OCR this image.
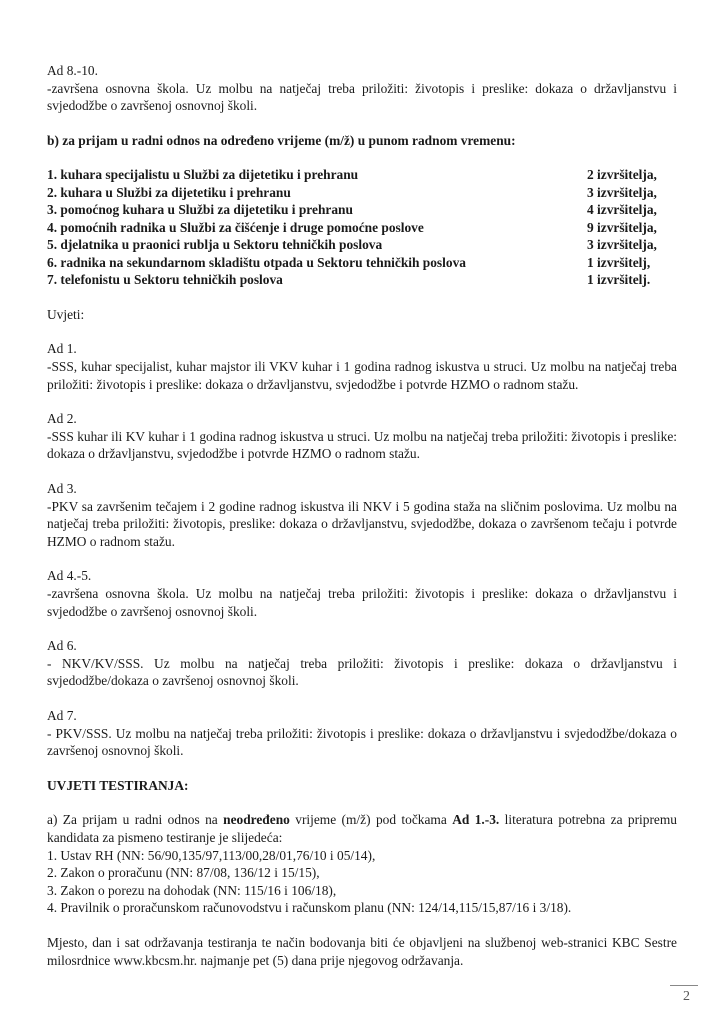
Ad 8.-10.

-završena osnovna škola. Uz molbu na natječaj treba priložiti: životopis i preslike: dokaza o državljanstvu i svjedodžbe o završenoj osnovnoj školi.

b) za prijam u radni odnos na određeno vrijeme (m/ž) u punom radnom vremenu:
1. kuhara specijalistu u Službi za dijetetiku i prehranu	2 izvršitelja,
2. kuhara u Službi za dijetetiku i prehranu	3 izvršitelja,
3. pomoćnog kuhara u Službi za dijetetiku i prehranu	4 izvršitelja,
4. pomoćnih radnika u Službi za čišćenje i druge pomoćne poslove	9 izvršitelja,
5. djelatnika u praonici rublja u Sektoru tehničkih poslova	3 izvršitelja,
6. radnika na sekundarnom skladištu otpada u Sektoru tehničkih poslova	1 izvršitelj,
7. telefonistu u Sektoru tehničkih poslova	1 izvršitelj.
Uvjeti:
Ad 1.

-SSS, kuhar specijalist, kuhar majstor ili VKV kuhar i 1 godina radnog iskustva u struci. Uz molbu na natječaj treba priložiti: životopis i preslike: dokaza o državljanstvu, svjedodžbe i potvrde HZMO o radnom stažu.

Ad 2.

-SSS kuhar ili KV kuhar i 1 godina radnog iskustva u struci. Uz molbu na natječaj treba priložiti: životopis i preslike: dokaza o državljanstvu, svjedodžbe i potvrde HZMO o radnom stažu.

Ad 3.

-PKV sa završenim tečajem i 2 godine radnog iskustva ili NKV i 5 godina staža na sličnim poslovima. Uz molbu na natječaj treba priložiti: životopis, preslike: dokaza o državljanstvu, svjedodžbe, dokaza o završenom tečaju i potvrde HZMO o radnom stažu.

Ad 4.-5.

-završena osnovna škola. Uz molbu na natječaj treba priložiti: životopis i preslike: dokaza o državljanstvu i svjedodžbe o završenoj osnovnoj školi.

Ad 6.

- NKV/KV/SSS. Uz molbu na natječaj treba priložiti: životopis i preslike: dokaza o državljanstvu i svjedodžbe/dokaza o završenoj osnovnoj školi.

Ad 7.

- PKV/SSS. Uz molbu na natječaj treba priložiti: životopis i preslike: dokaza o državljanstvu i svjedodžbe/dokaza o završenoj osnovnoj školi.

UVJETI TESTIRANJA:

a) Za prijam u radni odnos na neodređeno vrijeme (m/ž) pod točkama Ad 1.-3. literatura potrebna za pripremu kandidata za pismeno testiranje je slijedeća:

1. Ustav RH (NN: 56/90,135/97,113/00,28/01,76/10 i 05/14),
2. Zakon o proračunu (NN: 87/08, 136/12 i 15/15),
3. Zakon o porezu na dohodak (NN: 115/16 i 106/18),
4. Pravilnik o proračunskom računovodstvu i računskom planu (NN: 124/14,115/15,87/16 i 3/18).

Mjesto, dan i sat održavanja testiranja te način bodovanja biti će objavljeni na službenoj web-stranici KBC Sestre milosrdnice www.kbcsm.hr. najmanje pet (5) dana prije njegovog održavanja.

2
